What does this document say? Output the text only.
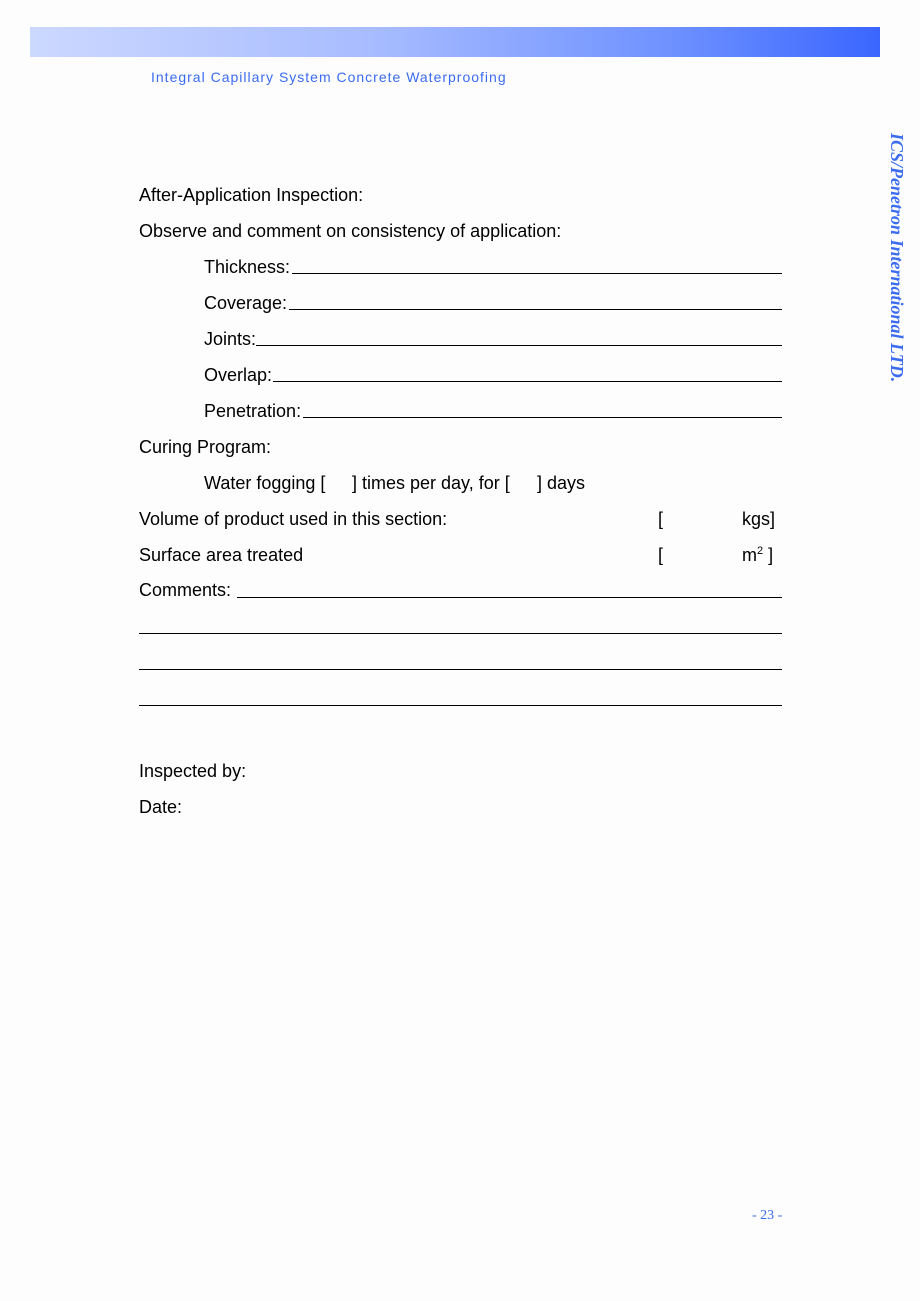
Integral Capillary System Concrete Waterproofing
ICS/Penetron International LTD.
After-Application Inspection:
Observe and comment on consistency of application:
Thickness:
Coverage:
Joints:
Overlap:
Penetration:
Curing Program:
Water fogging [ ] times per day, for [ ] days
Volume of product used in this section:	[	kgs]
Surface area treated	[	$m^2$ ]
Comments:
Inspected by:
Date:
- 23 -
